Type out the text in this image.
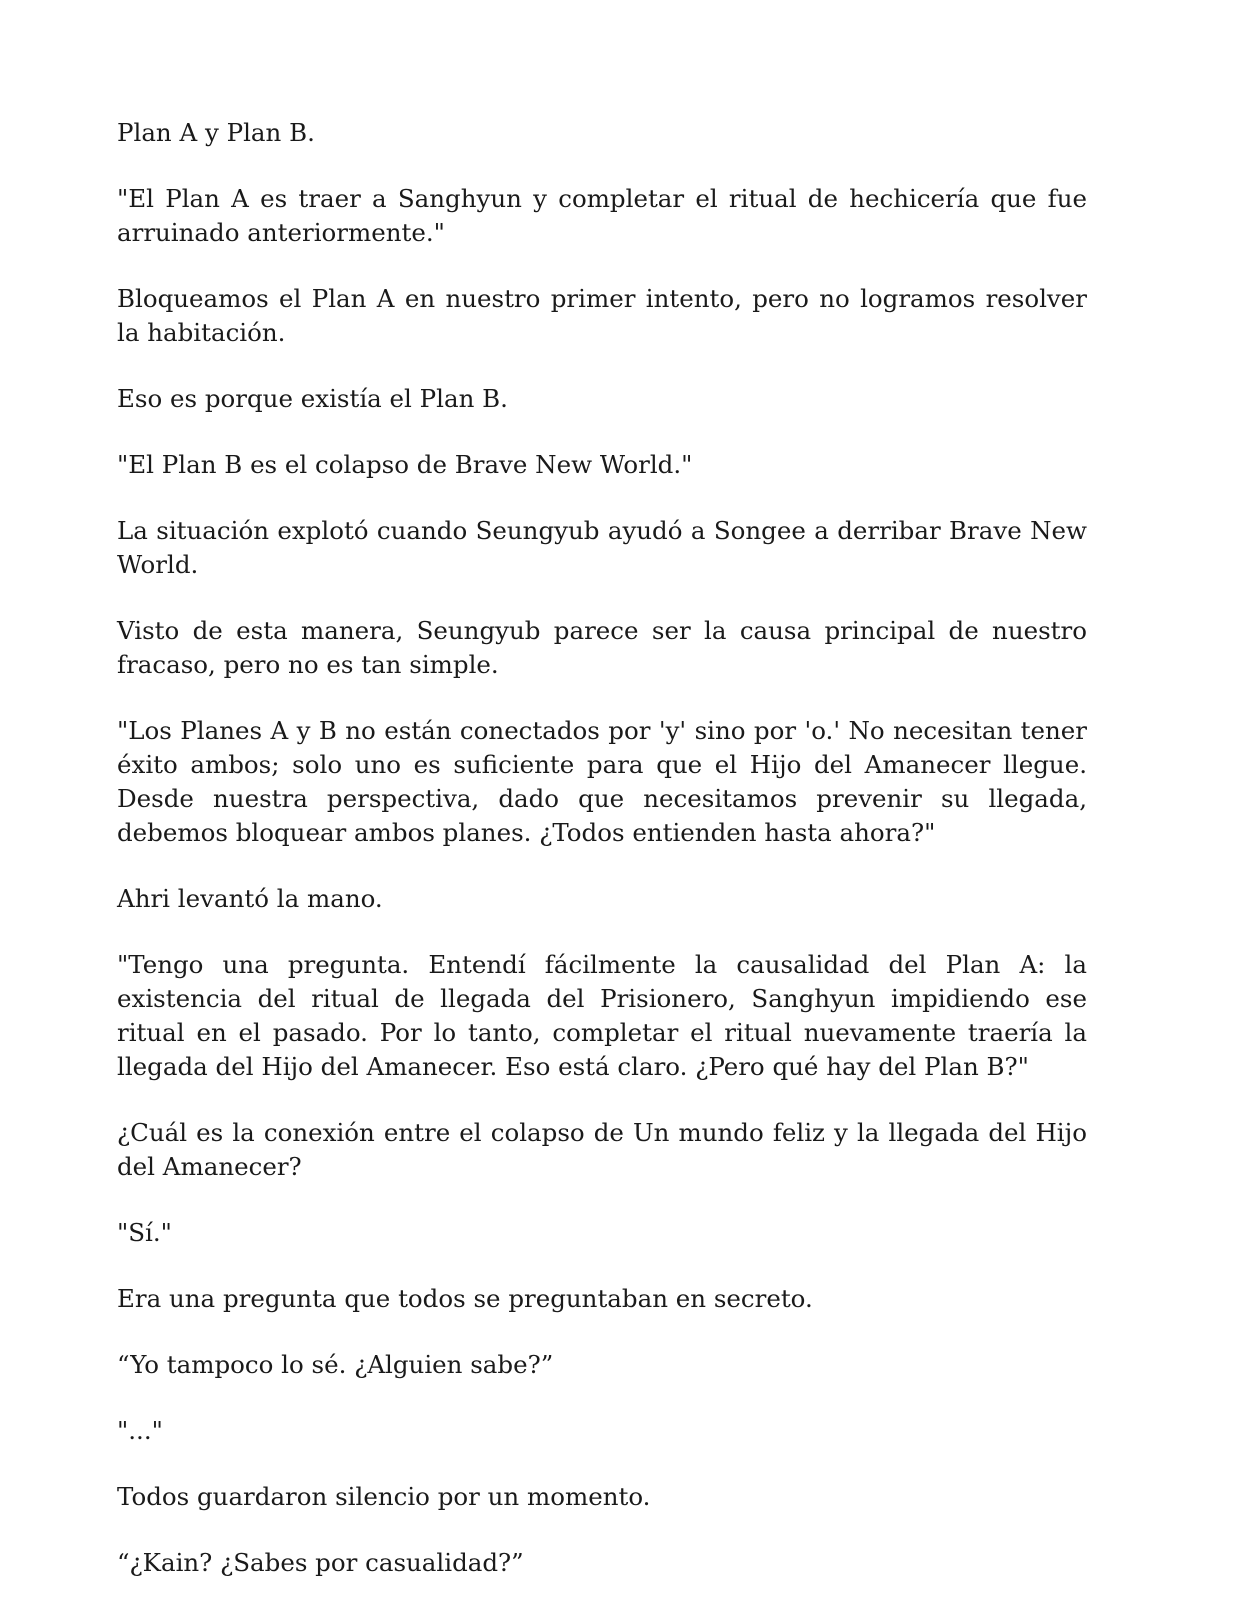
Plan A y Plan B.

"El Plan A es traer a Sanghyun y completar el ritual de hechicería que fue arruinado anteriormente."

Bloqueamos el Plan A en nuestro primer intento, pero no logramos resolver la habitación.

Eso es porque existía el Plan B.

"El Plan B es el colapso de Brave New World."

La situación explotó cuando Seungyub ayudó a Songee a derribar Brave New World.

Visto de esta manera, Seungyub parece ser la causa principal de nuestro fracaso, pero no es tan simple.

"Los Planes A y B no están conectados por 'y' sino por 'o.' No necesitan tener éxito ambos; solo uno es suficiente para que el Hijo del Amanecer llegue. Desde nuestra perspectiva, dado que necesitamos prevenir su llegada, debemos bloquear ambos planes. ¿Todos entienden hasta ahora?"

Ahri levantó la mano.

"Tengo una pregunta. Entendí fácilmente la causalidad del Plan A: la existencia del ritual de llegada del Prisionero, Sanghyun impidiendo ese ritual en el pasado. Por lo tanto, completar el ritual nuevamente traería la llegada del Hijo del Amanecer. Eso está claro. ¿Pero qué hay del Plan B?"

¿Cuál es la conexión entre el colapso de Un mundo feliz y la llegada del Hijo del Amanecer?

"Sí."

Era una pregunta que todos se preguntaban en secreto.

“Yo tampoco lo sé. ¿Alguien sabe?”

"..."

Todos guardaron silencio por un momento.

“¿Kain? ¿Sabes por casualidad?”
